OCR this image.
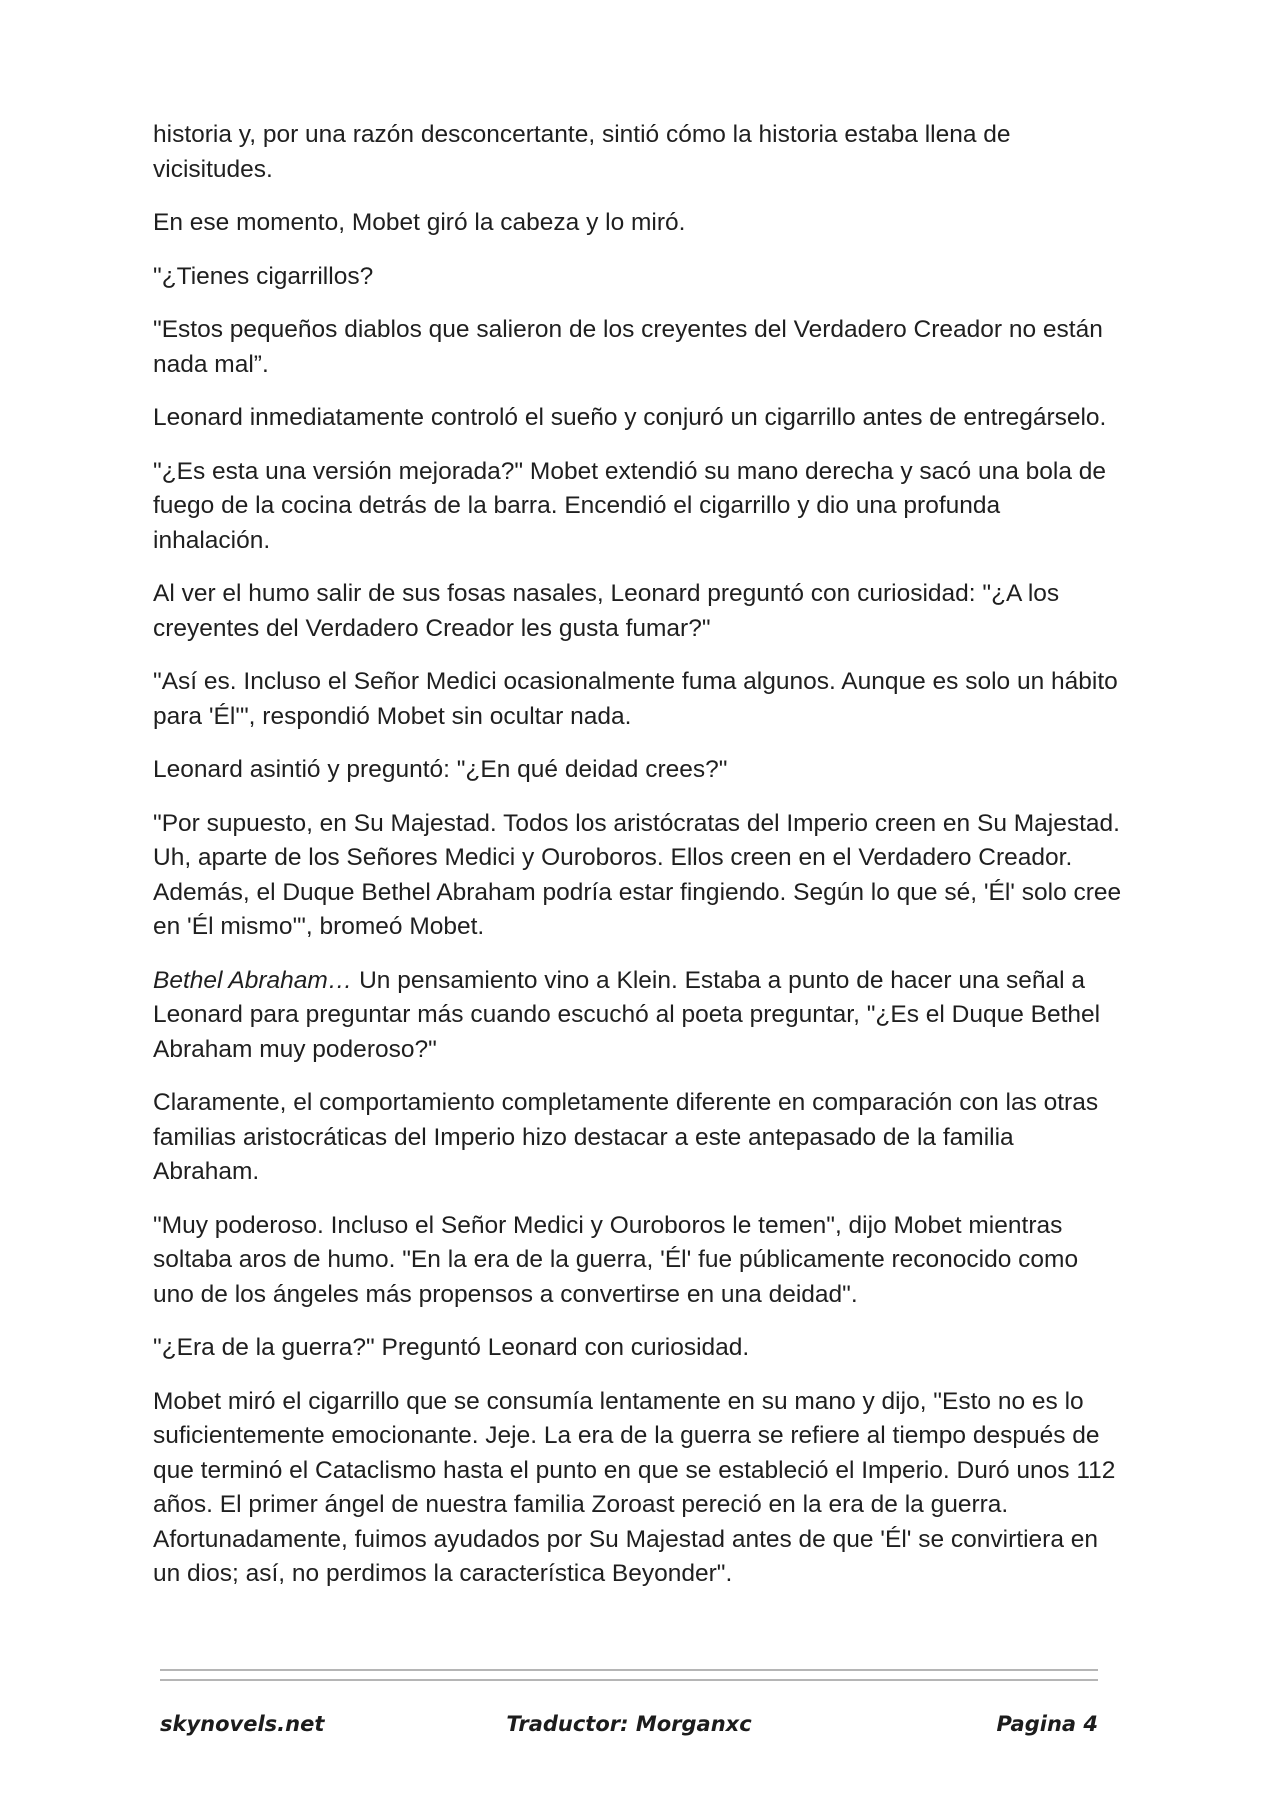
historia y, por una razón desconcertante, sintió cómo la historia estaba llena de vicisitudes.

En ese momento, Mobet giró la cabeza y lo miró.

"¿Tienes cigarrillos?

"Estos pequeños diablos que salieron de los creyentes del Verdadero Creador no están nada mal”.

Leonard inmediatamente controló el sueño y conjuró un cigarrillo antes de entregárselo.

"¿Es esta una versión mejorada?" Mobet extendió su mano derecha y sacó una bola de fuego de la cocina detrás de la barra. Encendió el cigarrillo y dio una profunda inhalación.

Al ver el humo salir de sus fosas nasales, Leonard preguntó con curiosidad: "¿A los creyentes del Verdadero Creador les gusta fumar?"

"Así es. Incluso el Señor Medici ocasionalmente fuma algunos. Aunque es solo un hábito para 'Él'", respondió Mobet sin ocultar nada.

Leonard asintió y preguntó: "¿En qué deidad crees?"

"Por supuesto, en Su Majestad. Todos los aristócratas del Imperio creen en Su Majestad. Uh, aparte de los Señores Medici y Ouroboros. Ellos creen en el Verdadero Creador. Además, el Duque Bethel Abraham podría estar fingiendo. Según lo que sé, 'Él' solo cree en 'Él mismo'", bromeó Mobet.

Bethel Abraham… Un pensamiento vino a Klein. Estaba a punto de hacer una señal a Leonard para preguntar más cuando escuchó al poeta preguntar, "¿Es el Duque Bethel Abraham muy poderoso?"

Claramente, el comportamiento completamente diferente en comparación con las otras familias aristocráticas del Imperio hizo destacar a este antepasado de la familia Abraham.

"Muy poderoso. Incluso el Señor Medici y Ouroboros le temen", dijo Mobet mientras soltaba aros de humo. "En la era de la guerra, 'Él' fue públicamente reconocido como uno de los ángeles más propensos a convertirse en una deidad".

"¿Era de la guerra?" Preguntó Leonard con curiosidad.

Mobet miró el cigarrillo que se consumía lentamente en su mano y dijo, "Esto no es lo suficientemente emocionante. Jeje. La era de la guerra se refiere al tiempo después de que terminó el Cataclismo hasta el punto en que se estableció el Imperio. Duró unos 112 años. El primer ángel de nuestra familia Zoroast pereció en la era de la guerra. Afortunadamente, fuimos ayudados por Su Majestad antes de que 'Él' se convirtiera en un dios; así, no perdimos la característica Beyonder".

skynovels.net	Traductor: Morganxc	Pagina 4
